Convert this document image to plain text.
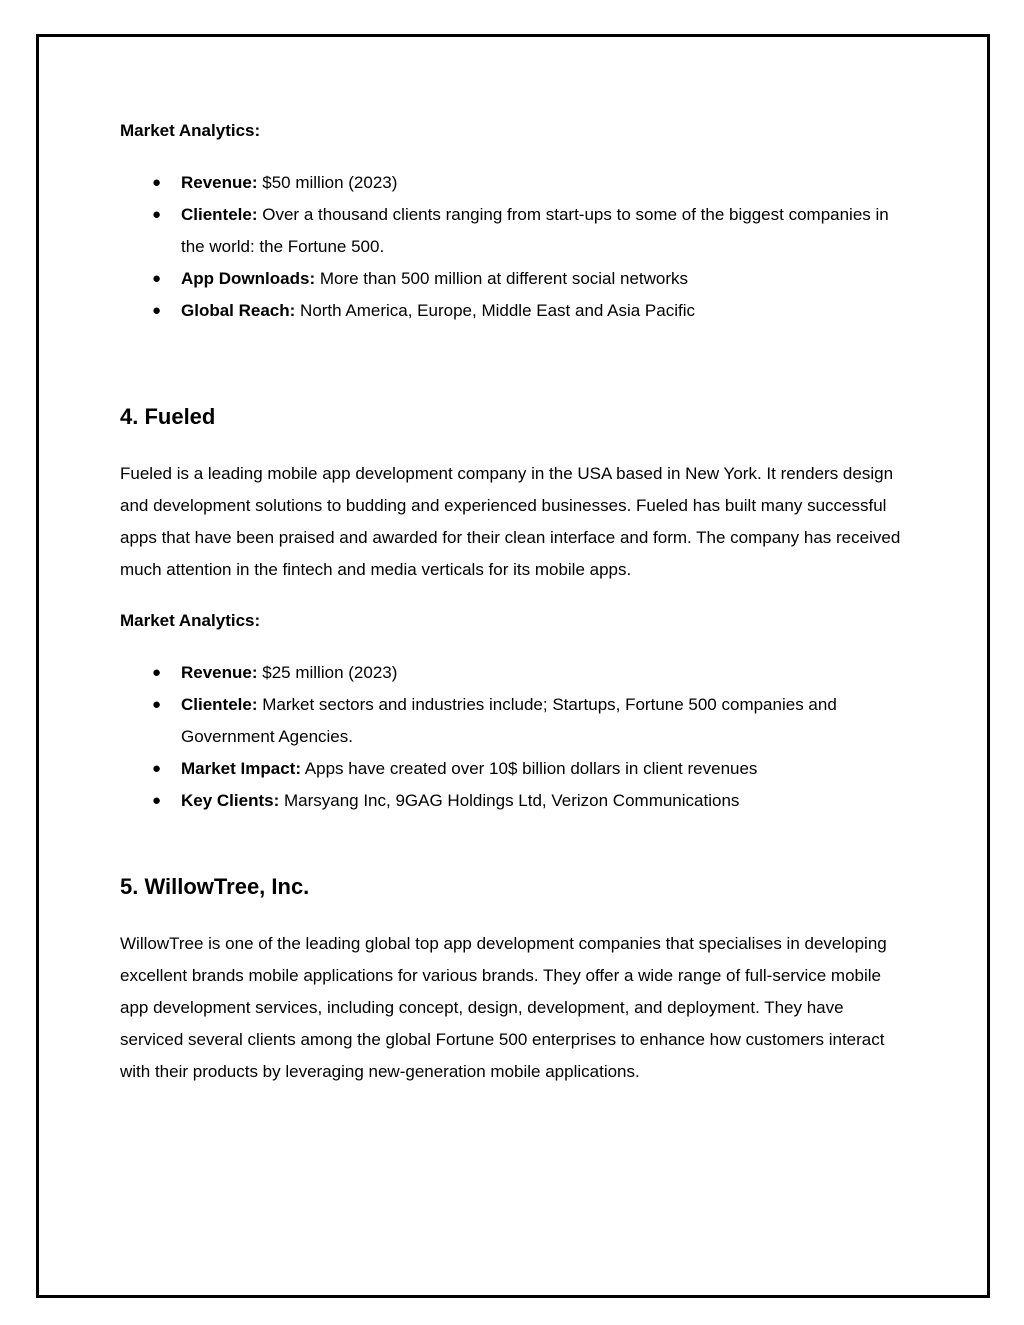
Market Analytics:

● Revenue: $50 million (2023)
● Clientele: Over a thousand clients ranging from start-ups to some of the biggest companies in the world: the Fortune 500.
● App Downloads: More than 500 million at different social networks
● Global Reach: North America, Europe, Middle East and Asia Pacific
4. Fueled

Fueled is a leading mobile app development company in the USA based in New York. It renders design and development solutions to budding and experienced businesses. Fueled has built many successful apps that have been praised and awarded for their clean interface and form. The company has received much attention in the fintech and media verticals for its mobile apps.

Market Analytics:

● Revenue: $25 million (2023)
● Clientele: Market sectors and industries include; Startups, Fortune 500 companies and Government Agencies.
● Market Impact: Apps have created over 10$ billion dollars in client revenues
● Key Clients: Marsyang Inc, 9GAG Holdings Ltd, Verizon Communications
5. WillowTree, Inc.

WillowTree is one of the leading global top app development companies that specialises in developing excellent brands mobile applications for various brands. They offer a wide range of full-service mobile app development services, including concept, design, development, and deployment. They have serviced several clients among the global Fortune 500 enterprises to enhance how customers interact with their products by leveraging new-generation mobile applications.
